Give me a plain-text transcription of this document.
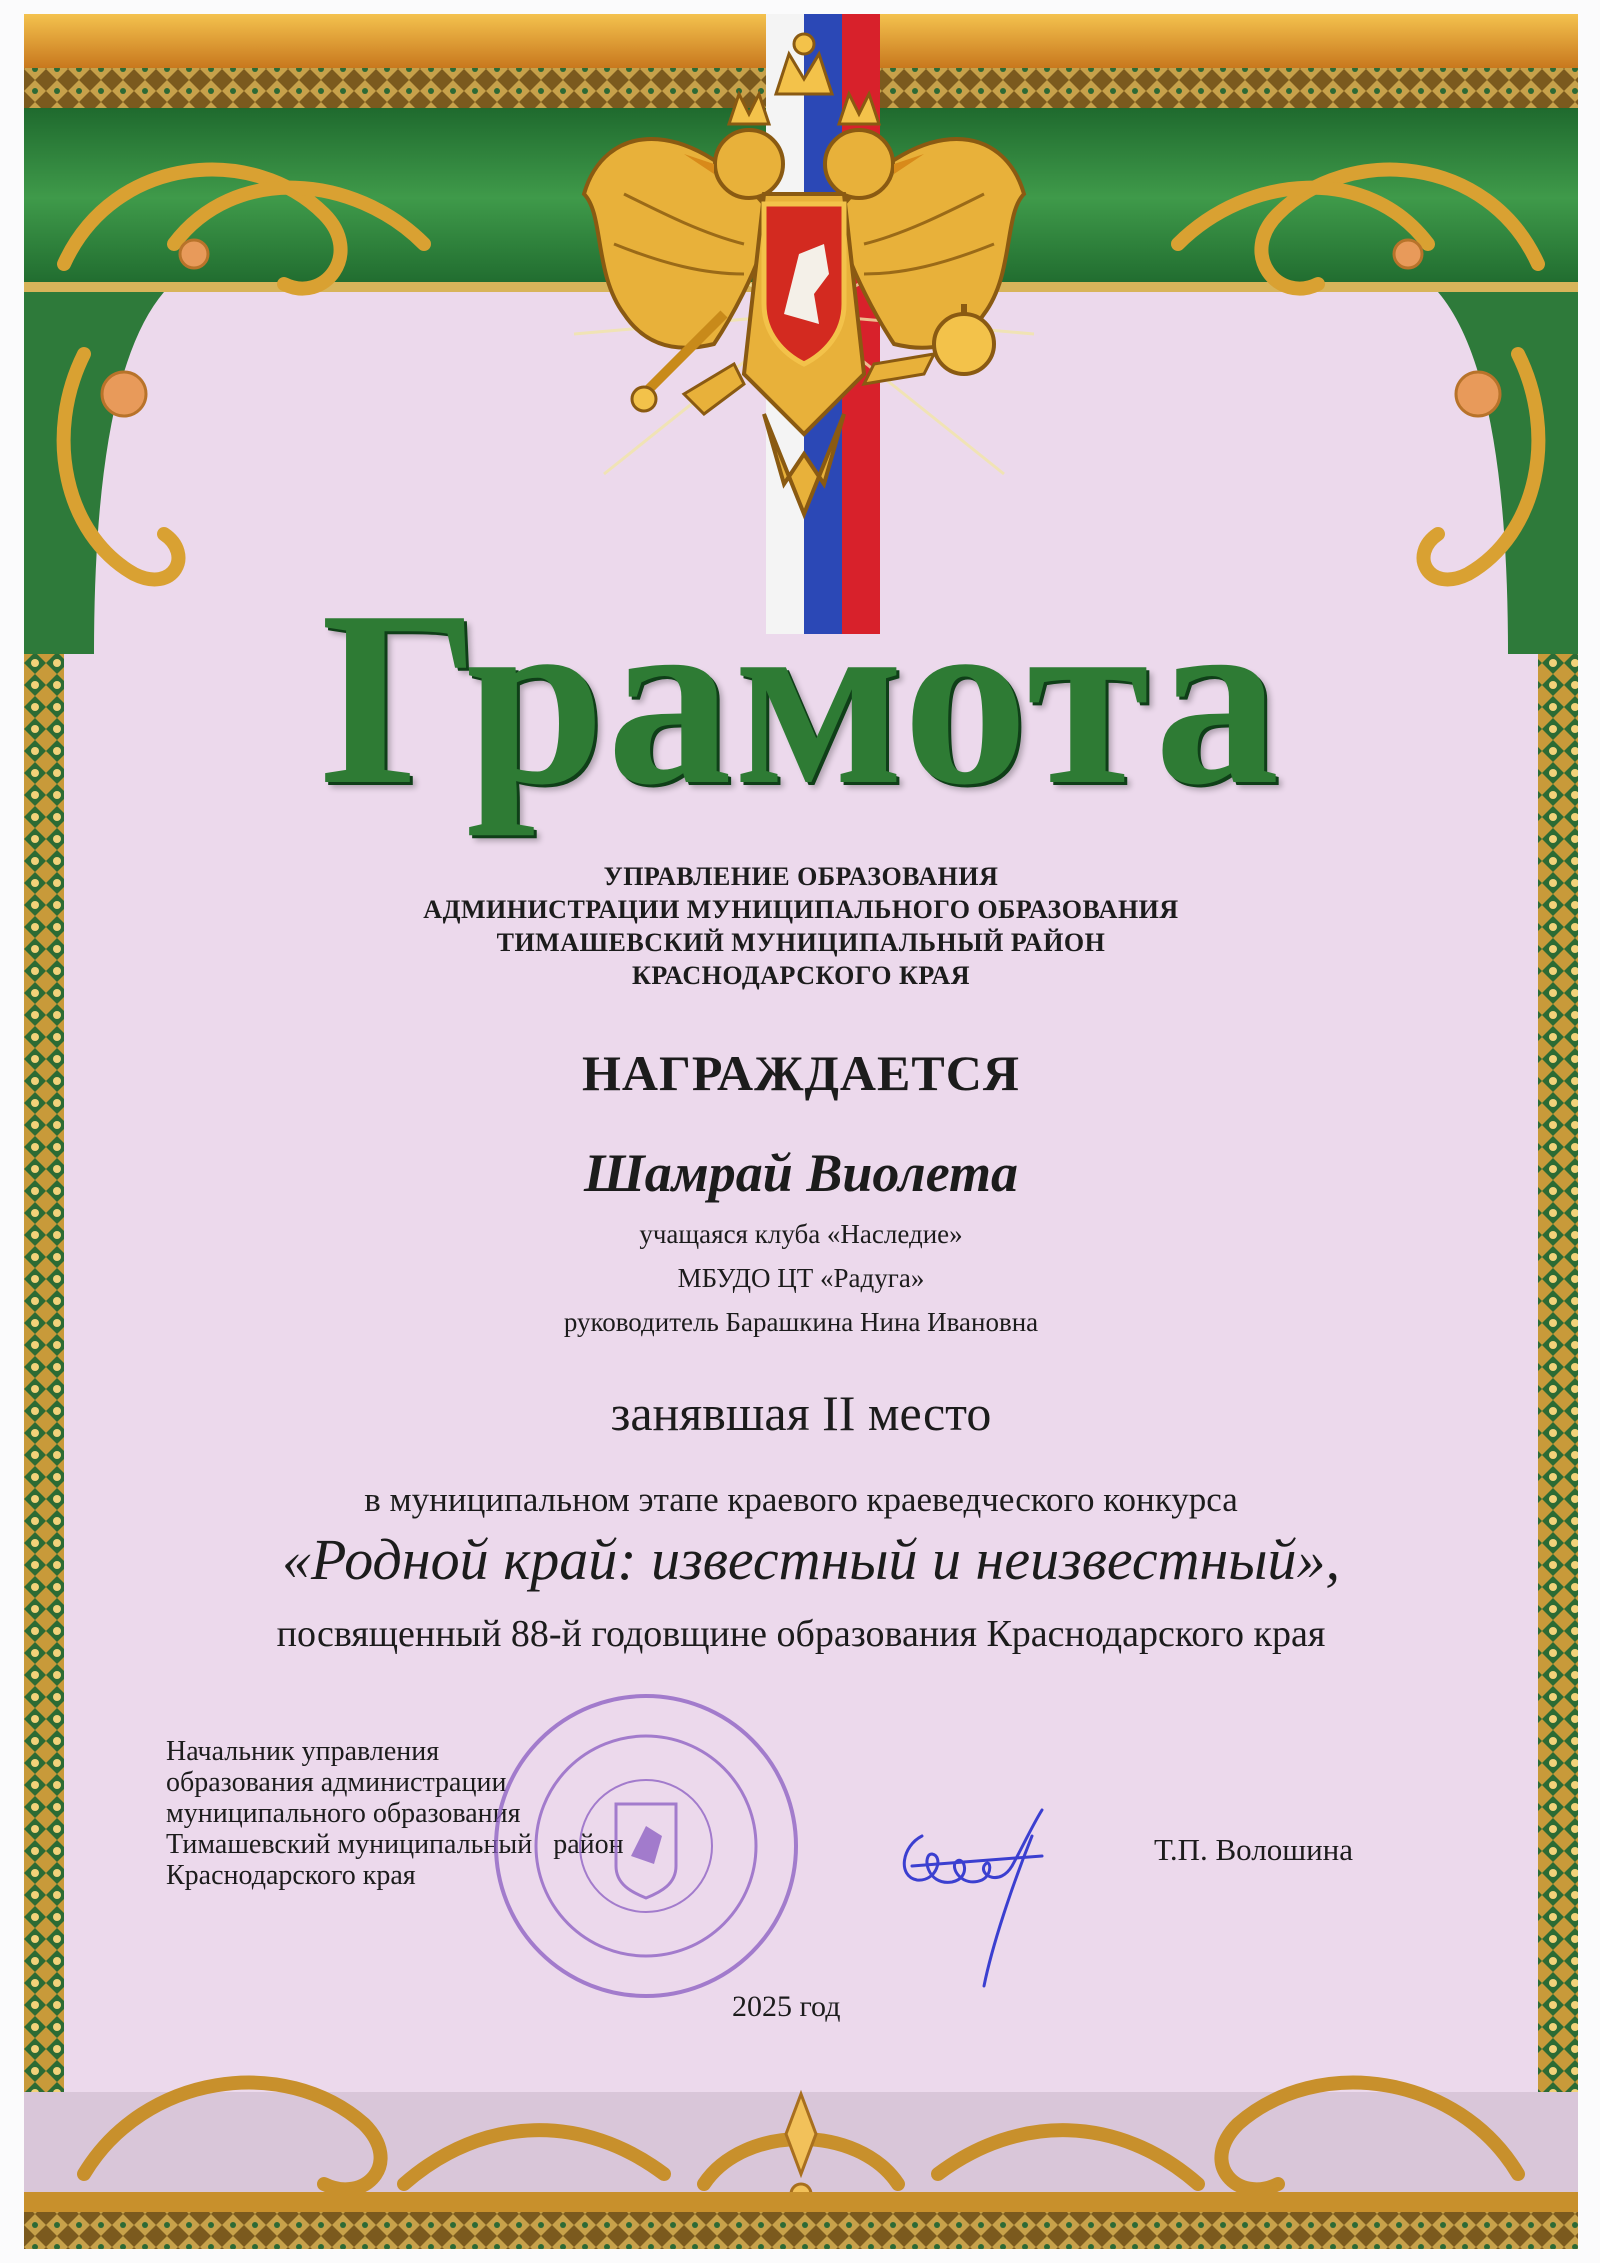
Грамота
УПРАВЛЕНИЕ ОБРАЗОВАНИЯ
АДМИНИСТРАЦИИ МУНИЦИПАЛЬНОГО ОБРАЗОВАНИЯ
ТИМАШЕВСКИЙ МУНИЦИПАЛЬНЫЙ РАЙОН
КРАСНОДАРСКОГО КРАЯ
НАГРАЖДАЕТСЯ
Шамрай Виолета
учащаяся клуба «Наследие»
МБУДО ЦТ «Радуга»
руководитель Барашкина Нина Ивановна
занявшая II место
в муниципальном этапе краевого краеведческого конкурса
«Родной край: известный и неизвестный»,
посвященный 88-й годовщине образования Краснодарского края
Начальник управления
образования администрации
муниципального образования
Тимашевский муниципальный   район
Краснодарского края
Т.П. Волошина
2025 год
